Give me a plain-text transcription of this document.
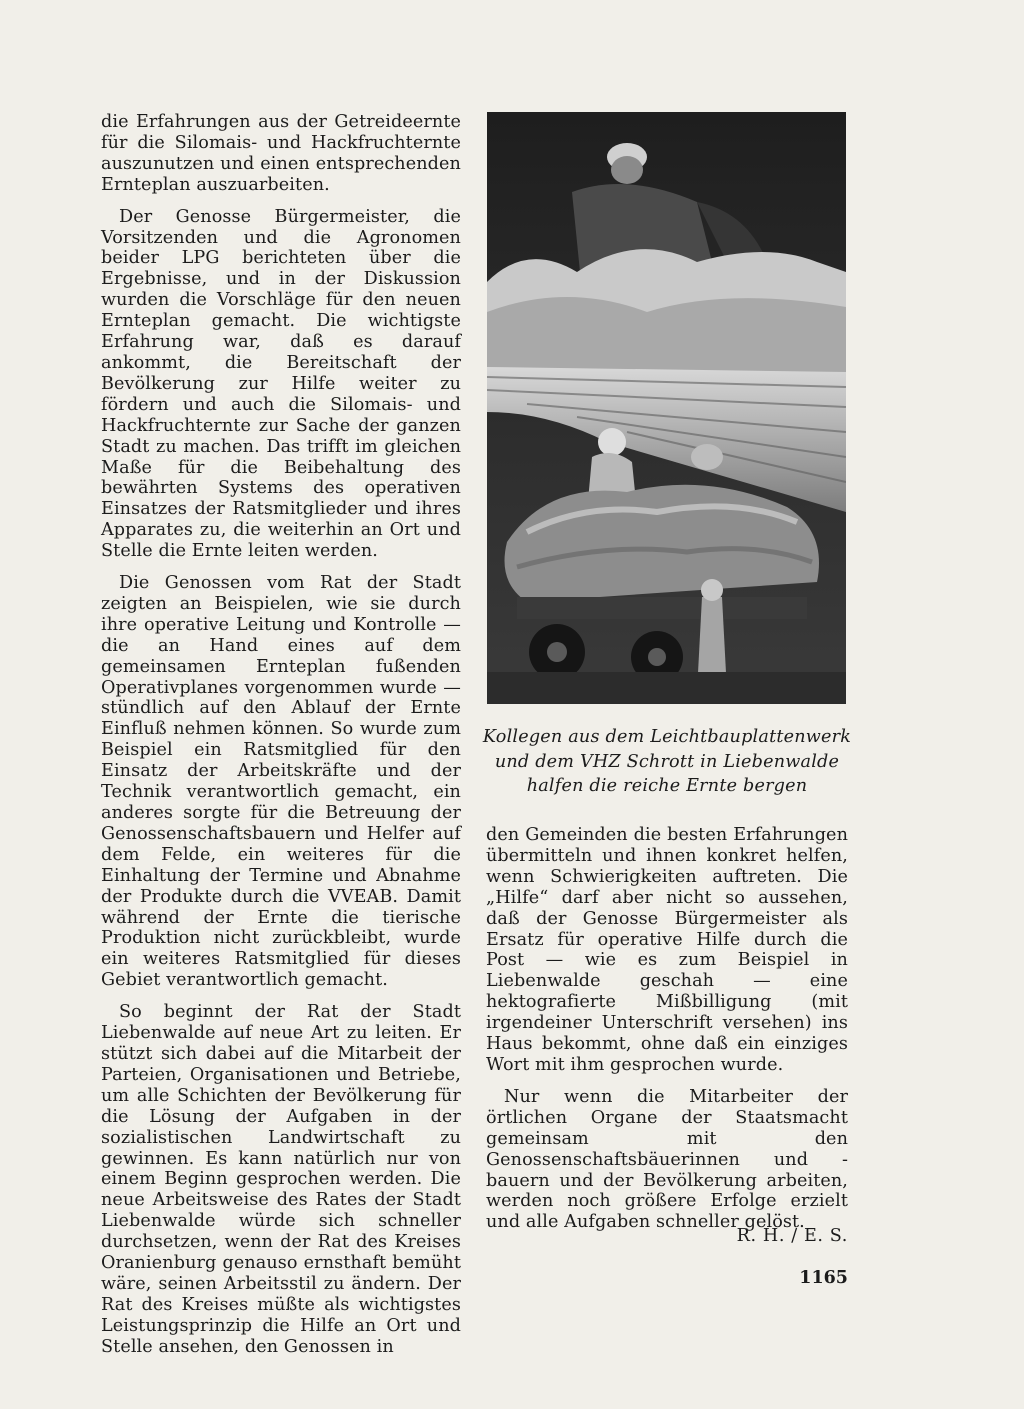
die Erfahrungen aus der Getreideernte für die Silomais- und Hackfruchternte auszunutzen und einen entsprechenden Ernteplan auszuarbeiten.

Der Genosse Bürgermeister, die Vorsitzenden und die Agronomen beider LPG berichteten über die Ergebnisse, und in der Diskussion wurden die Vorschläge für den neuen Ernteplan gemacht. Die wichtigste Erfahrung war, daß es darauf ankommt, die Bereitschaft der Bevölkerung zur Hilfe weiter zu fördern und auch die Silomais- und Hackfruchternte zur Sache der ganzen Stadt zu machen. Das trifft im gleichen Maße für die Beibehaltung des bewährten Systems des operativen Einsatzes der Ratsmitglieder und ihres Apparates zu, die weiterhin an Ort und Stelle die Ernte leiten werden.

Die Genossen vom Rat der Stadt zeigten an Beispielen, wie sie durch ihre operative Leitung und Kontrolle — die an Hand eines auf dem gemeinsamen Ernteplan fußenden Operativplanes vorgenommen wurde — stündlich auf den Ablauf der Ernte Einfluß nehmen können. So wurde zum Beispiel ein Ratsmitglied für den Einsatz der Arbeitskräfte und der Technik verantwortlich gemacht, ein anderes sorgte für die Betreuung der Genossenschaftsbauern und Helfer auf dem Felde, ein weiteres für die Einhaltung der Termine und Abnahme der Produkte durch die VVEAB. Damit während der Ernte die tierische Produktion nicht zurückbleibt, wurde ein weiteres Ratsmitglied für dieses Gebiet verantwortlich gemacht.

So beginnt der Rat der Stadt Liebenwalde auf neue Art zu leiten. Er stützt sich dabei auf die Mitarbeit der Parteien, Organisationen und Betriebe, um alle Schichten der Bevölkerung für die Lösung der Aufgaben in der sozialistischen Landwirtschaft zu gewinnen. Es kann natürlich nur von einem Beginn gesprochen werden. Die neue Arbeitsweise des Rates der Stadt Liebenwalde würde sich schneller durchsetzen, wenn der Rat des Kreises Oranienburg genauso ernsthaft bemüht wäre, seinen Arbeitsstil zu ändern. Der Rat des Kreises müßte als wichtigstes Leistungsprinzip die Hilfe an Ort und Stelle ansehen, den Genossen in

Kollegen aus dem Leichtbauplattenwerk
und dem VHZ Schrott in Liebenwalde
halfen die reiche Ernte bergen

den Gemeinden die besten Erfahrungen übermitteln und ihnen konkret helfen, wenn Schwierigkeiten auftreten. Die „Hilfe“ darf aber nicht so aussehen, daß der Genosse Bürgermeister als Ersatz für operative Hilfe durch die Post — wie es zum Beispiel in Liebenwalde geschah — eine hektografierte Mißbilligung (mit irgendeiner Unterschrift versehen) ins Haus bekommt, ohne daß ein einziges Wort mit ihm gesprochen wurde.

Nur wenn die Mitarbeiter der örtlichen Organe der Staatsmacht gemeinsam mit den Genossenschaftsbäuerinnen und -bauern und der Bevölkerung arbeiten, werden noch größere Erfolge erzielt und alle Aufgaben schneller gelöst.

R. H. / E. S.
1165
